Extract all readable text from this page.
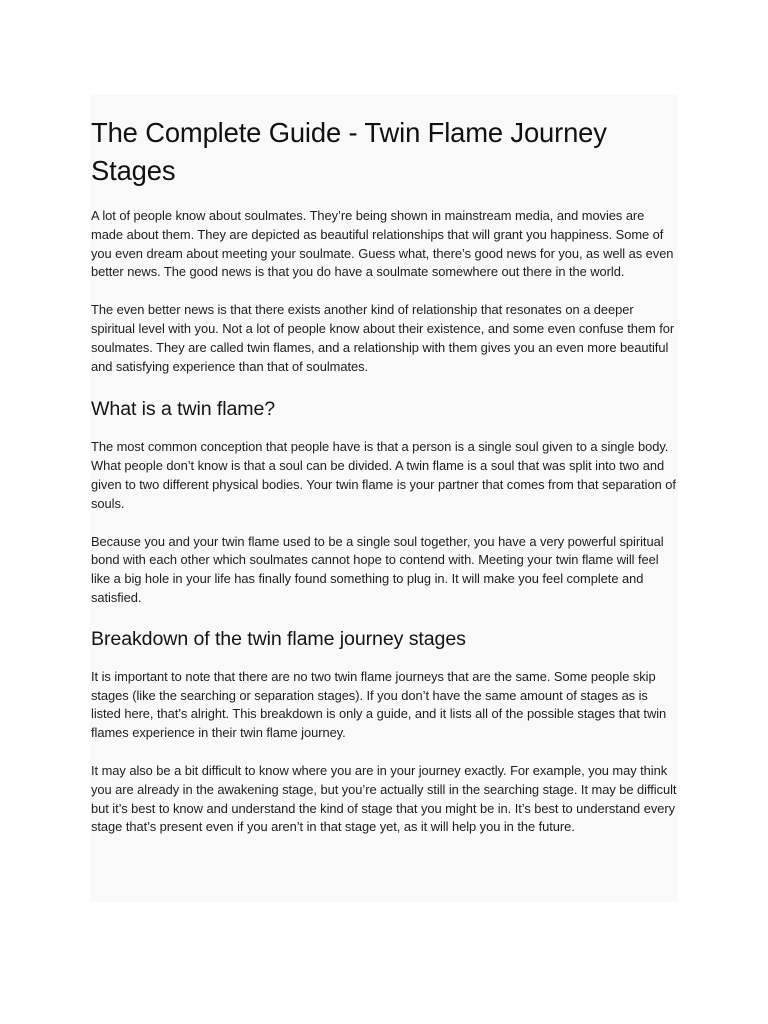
The Complete Guide - Twin Flame Journey Stages

A lot of people know about soulmates. They’re being shown in mainstream media, and movies are made about them. They are depicted as beautiful relationships that will grant you happiness. Some of you even dream about meeting your soulmate. Guess what, there’s good news for you, as well as even better news. The good news is that you do have a soulmate somewhere out there in the world.

The even better news is that there exists another kind of relationship that resonates on a deeper spiritual level with you. Not a lot of people know about their existence, and some even confuse them for soulmates. They are called twin flames, and a relationship with them gives you an even more beautiful and satisfying experience than that of soulmates.

What is a twin flame?

The most common conception that people have is that a person is a single soul given to a single body. What people don’t know is that a soul can be divided. A twin flame is a soul that was split into two and given to two different physical bodies. Your twin flame is your partner that comes from that separation of souls.

Because you and your twin flame used to be a single soul together, you have a very powerful spiritual bond with each other which soulmates cannot hope to contend with. Meeting your twin flame will feel like a big hole in your life has finally found something to plug in. It will make you feel complete and satisfied.

Breakdown of the twin flame journey stages

It is important to note that there are no two twin flame journeys that are the same. Some people skip stages (like the searching or separation stages). If you don’t have the same amount of stages as is listed here, that’s alright. This breakdown is only a guide, and it lists all of the possible stages that twin flames experience in their twin flame journey.

It may also be a bit difficult to know where you are in your journey exactly. For example, you may think you are already in the awakening stage, but you’re actually still in the searching stage. It may be difficult but it’s best to know and understand the kind of stage that you might be in. It’s best to understand every stage that’s present even if you aren’t in that stage yet, as it will help you in the future.
